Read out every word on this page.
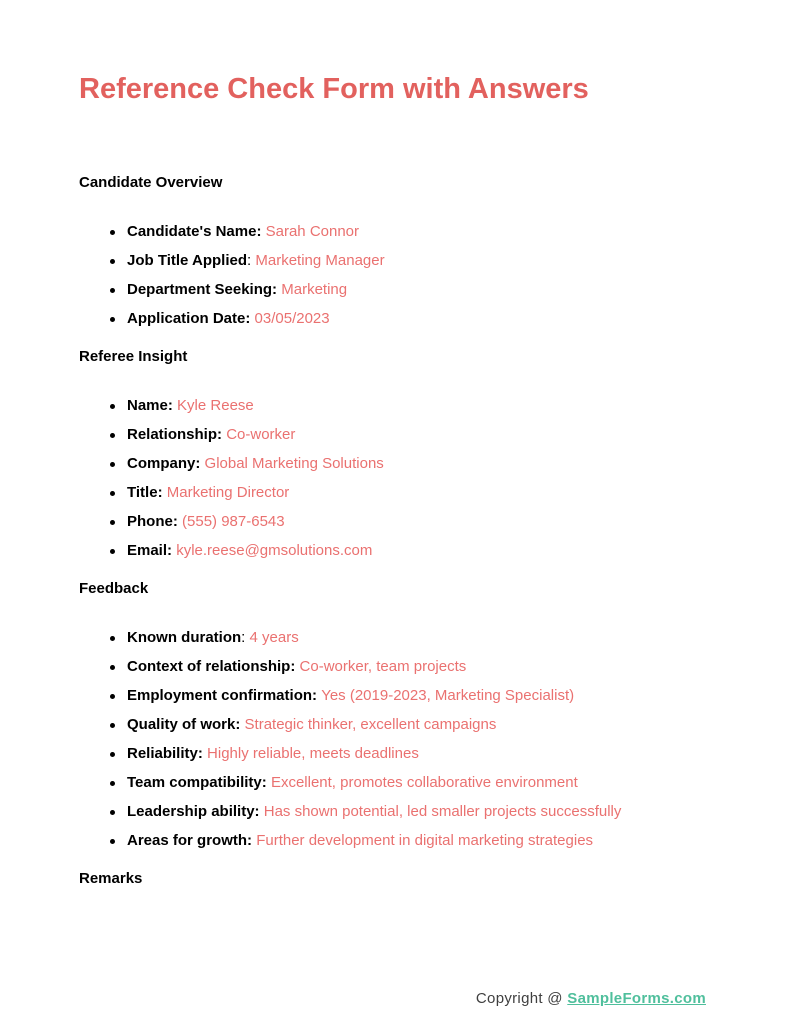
Reference Check Form with Answers
Candidate Overview
Candidate's Name: Sarah Connor
Job Title Applied: Marketing Manager
Department Seeking: Marketing
Application Date: 03/05/2023
Referee Insight
Name: Kyle Reese
Relationship: Co-worker
Company: Global Marketing Solutions
Title: Marketing Director
Phone: (555) 987-6543
Email: kyle.reese@gmsolutions.com
Feedback
Known duration: 4 years
Context of relationship: Co-worker, team projects
Employment confirmation: Yes (2019-2023, Marketing Specialist)
Quality of work: Strategic thinker, excellent campaigns
Reliability: Highly reliable, meets deadlines
Team compatibility: Excellent, promotes collaborative environment
Leadership ability: Has shown potential, led smaller projects successfully
Areas for growth: Further development in digital marketing strategies
Remarks
Copyright @ SampleForms.com
